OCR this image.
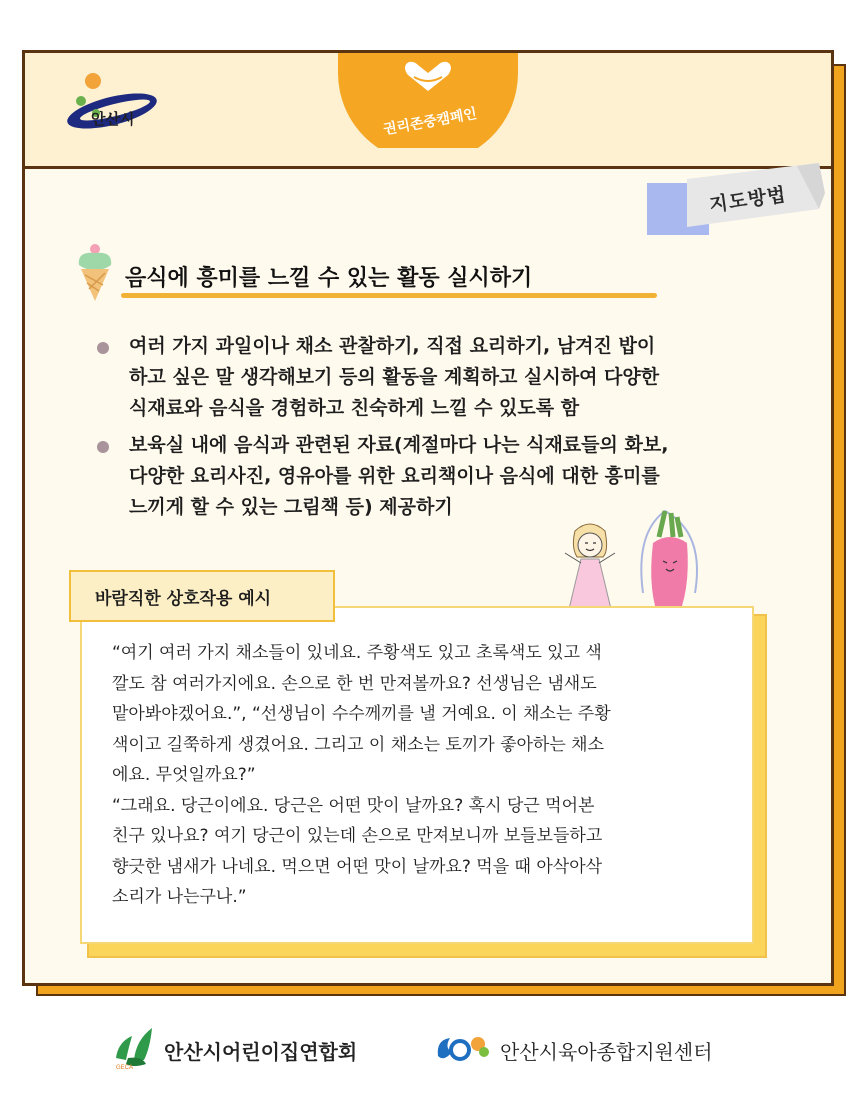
안산시	권리존중캠페인
지도방법
음식에 흥미를 느낄 수 있는 활동 실시하기
여러 가지 과일이나 채소 관찰하기, 직접 요리하기, 남겨진 밥이
하고 싶은 말 생각해보기 등의 활동을 계획하고 실시하여 다양한
식재료와 음식을 경험하고 친숙하게 느낄 수 있도록 함
보육실 내에 음식과 관련된 자료(계절마다 나는 식재료들의 화보,
다양한 요리사진, 영유아를 위한 요리책이나 음식에 대한 흥미를
느끼게 할 수 있는 그림책 등) 제공하기
바람직한 상호작용 예시

“여기 여러 가지 채소들이 있네요. 주황색도 있고 초록색도 있고 색

깔도 참 여러가지에요. 손으로 한 번 만져볼까요? 선생님은 냄새도

맡아봐야겠어요.”, “선생님이 수수께끼를 낼 거예요. 이 채소는 주황

색이고 길쭉하게 생겼어요. 그리고 이 채소는 토끼가 좋아하는 채소

에요. 무엇일까요?”

“그래요. 당근이에요. 당근은 어떤 맛이 날까요? 혹시 당근 먹어본

친구 있나요? 여기 당근이 있는데 손으로 만져보니까 보들보들하고

향긋한 냄새가 나네요. 먹으면 어떤 맛이 날까요? 먹을 때 아삭아삭

소리가 나는구나.”

GECA
안산시어린이집연합회	안산시육아종합지원센터
